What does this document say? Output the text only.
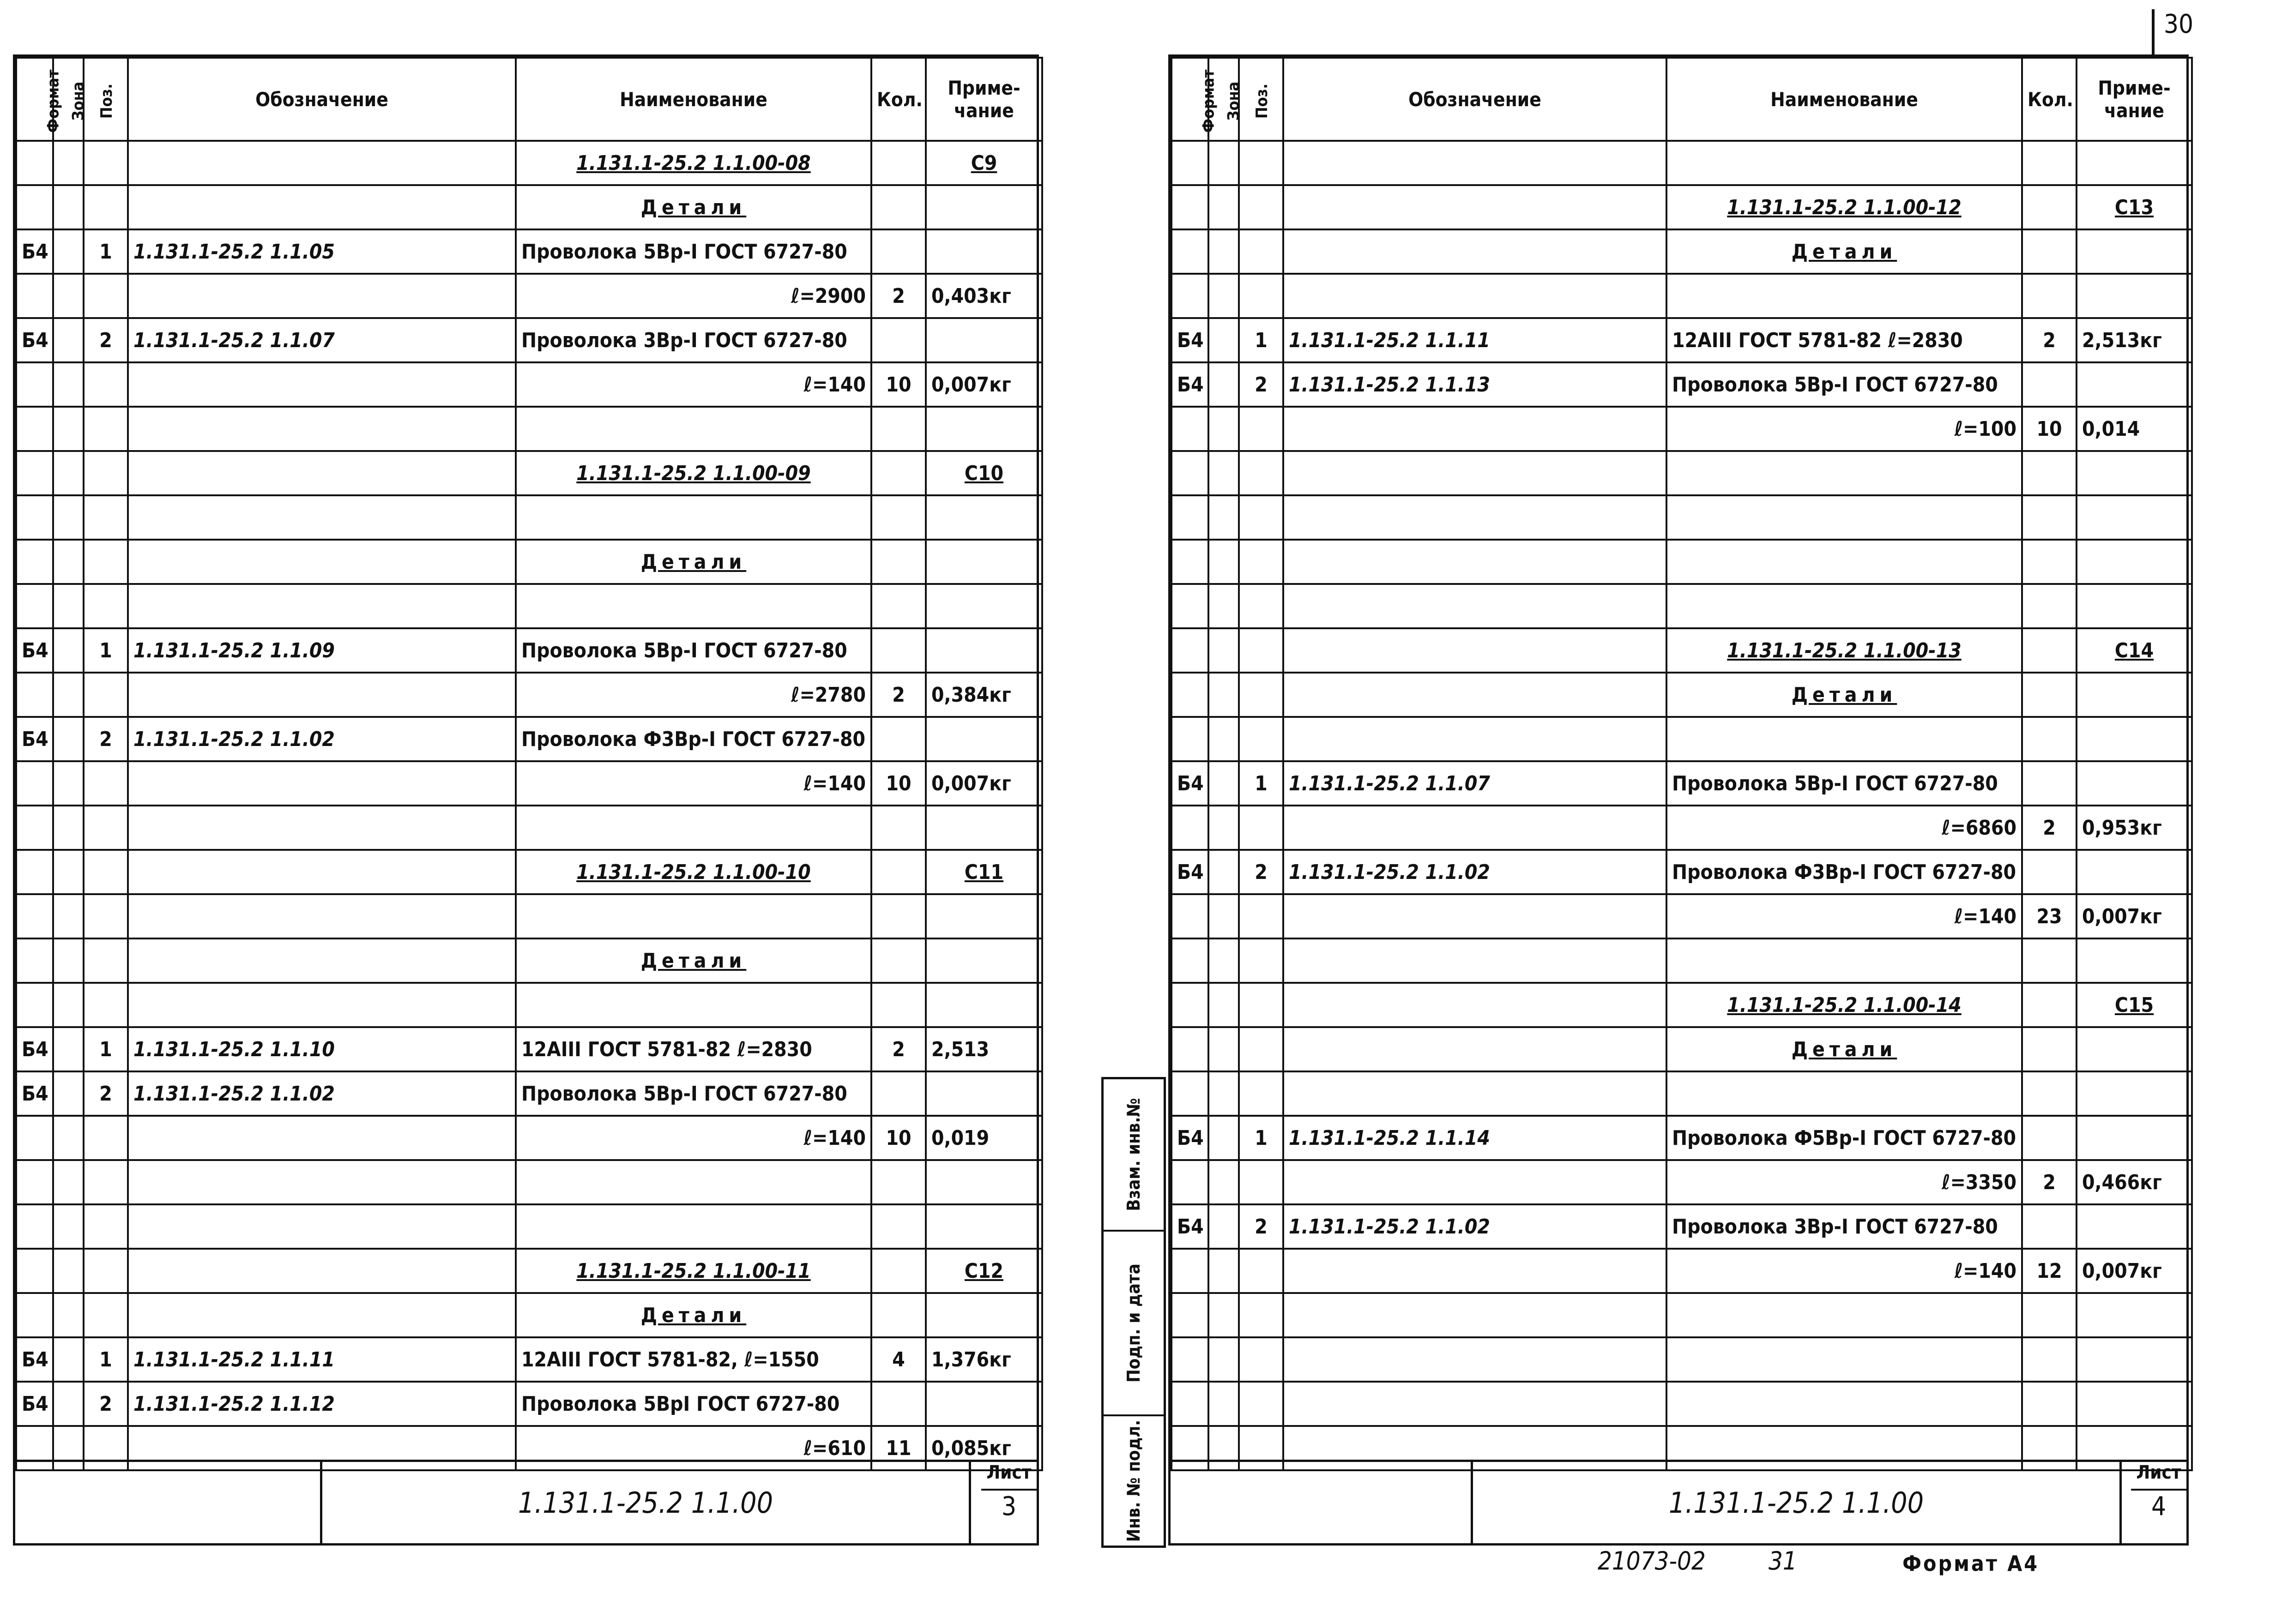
30
Формат	Зона	Поз.	Обозначение	Наименование	Кол.	Приме-
чание
				1.131.1-25.2 1.1.00-08		С9
				Детали		
Б4		1	1.131.1-25.2 1.1.05	Проволока 5Вр-I ГОСТ 6727-80		
				ℓ=2900	2	0,403кг
Б4		2	1.131.1-25.2 1.1.07	Проволока 3Вр-I ГОСТ 6727-80		
				ℓ=140	10	0,007кг

				1.131.1-25.2 1.1.00-09		С10

				Детали		

Б4		1	1.131.1-25.2 1.1.09	Проволока 5Вр-I ГОСТ 6727-80		
				ℓ=2780	2	0,384кг
Б4		2	1.131.1-25.2 1.1.02	Проволока Ф3Вр-I ГОСТ 6727-80		
				ℓ=140	10	0,007кг

				1.131.1-25.2 1.1.00-10		С11

				Детали		

Б4		1	1.131.1-25.2 1.1.10	12АIII ГОСТ 5781-82 ℓ=2830	2	2,513
Б4		2	1.131.1-25.2 1.1.02	Проволока 5Вр-I ГОСТ 6727-80		
				ℓ=140	10	0,019

				1.131.1-25.2 1.1.00-11		С12
				Детали		
Б4		1	1.131.1-25.2 1.1.11	12АIII ГОСТ 5781-82, ℓ=1550	4	1,376кг
Б4		2	1.131.1-25.2 1.1.12	Проволока 5ВрI ГОСТ 6727-80		
				ℓ=610	11	0,085кг
1.131.1-25.2 1.1.00
Лист
3
Взам. инв.№
Подп. и дата
Инв. № подл.
Формат	Зона	Поз.	Обозначение	Наименование	Кол.	Приме-
чание

				1.131.1-25.2 1.1.00-12		С13
				Детали		

Б4		1	1.131.1-25.2 1.1.11	12АIII ГОСТ 5781-82 ℓ=2830	2	2,513кг
Б4		2	1.131.1-25.2 1.1.13	Проволока 5Вр-I ГОСТ 6727-80		
				ℓ=100	10	0,014

				1.131.1-25.2 1.1.00-13		С14
				Детали		

Б4		1	1.131.1-25.2 1.1.07	Проволока 5Вр-I ГОСТ 6727-80		
				ℓ=6860	2	0,953кг
Б4		2	1.131.1-25.2 1.1.02	Проволока Ф3Вр-I ГОСТ 6727-80		
				ℓ=140	23	0,007кг

				1.131.1-25.2 1.1.00-14		С15
				Детали		

Б4		1	1.131.1-25.2 1.1.14	Проволока Ф5Вр-I ГОСТ 6727-80		
				ℓ=3350	2	0,466кг
Б4		2	1.131.1-25.2 1.1.02	Проволока 3Вр-I ГОСТ 6727-80		
				ℓ=140	12	0,007кг

1.131.1-25.2 1.1.00
Лист
4
21073-02	31	Формат А4
